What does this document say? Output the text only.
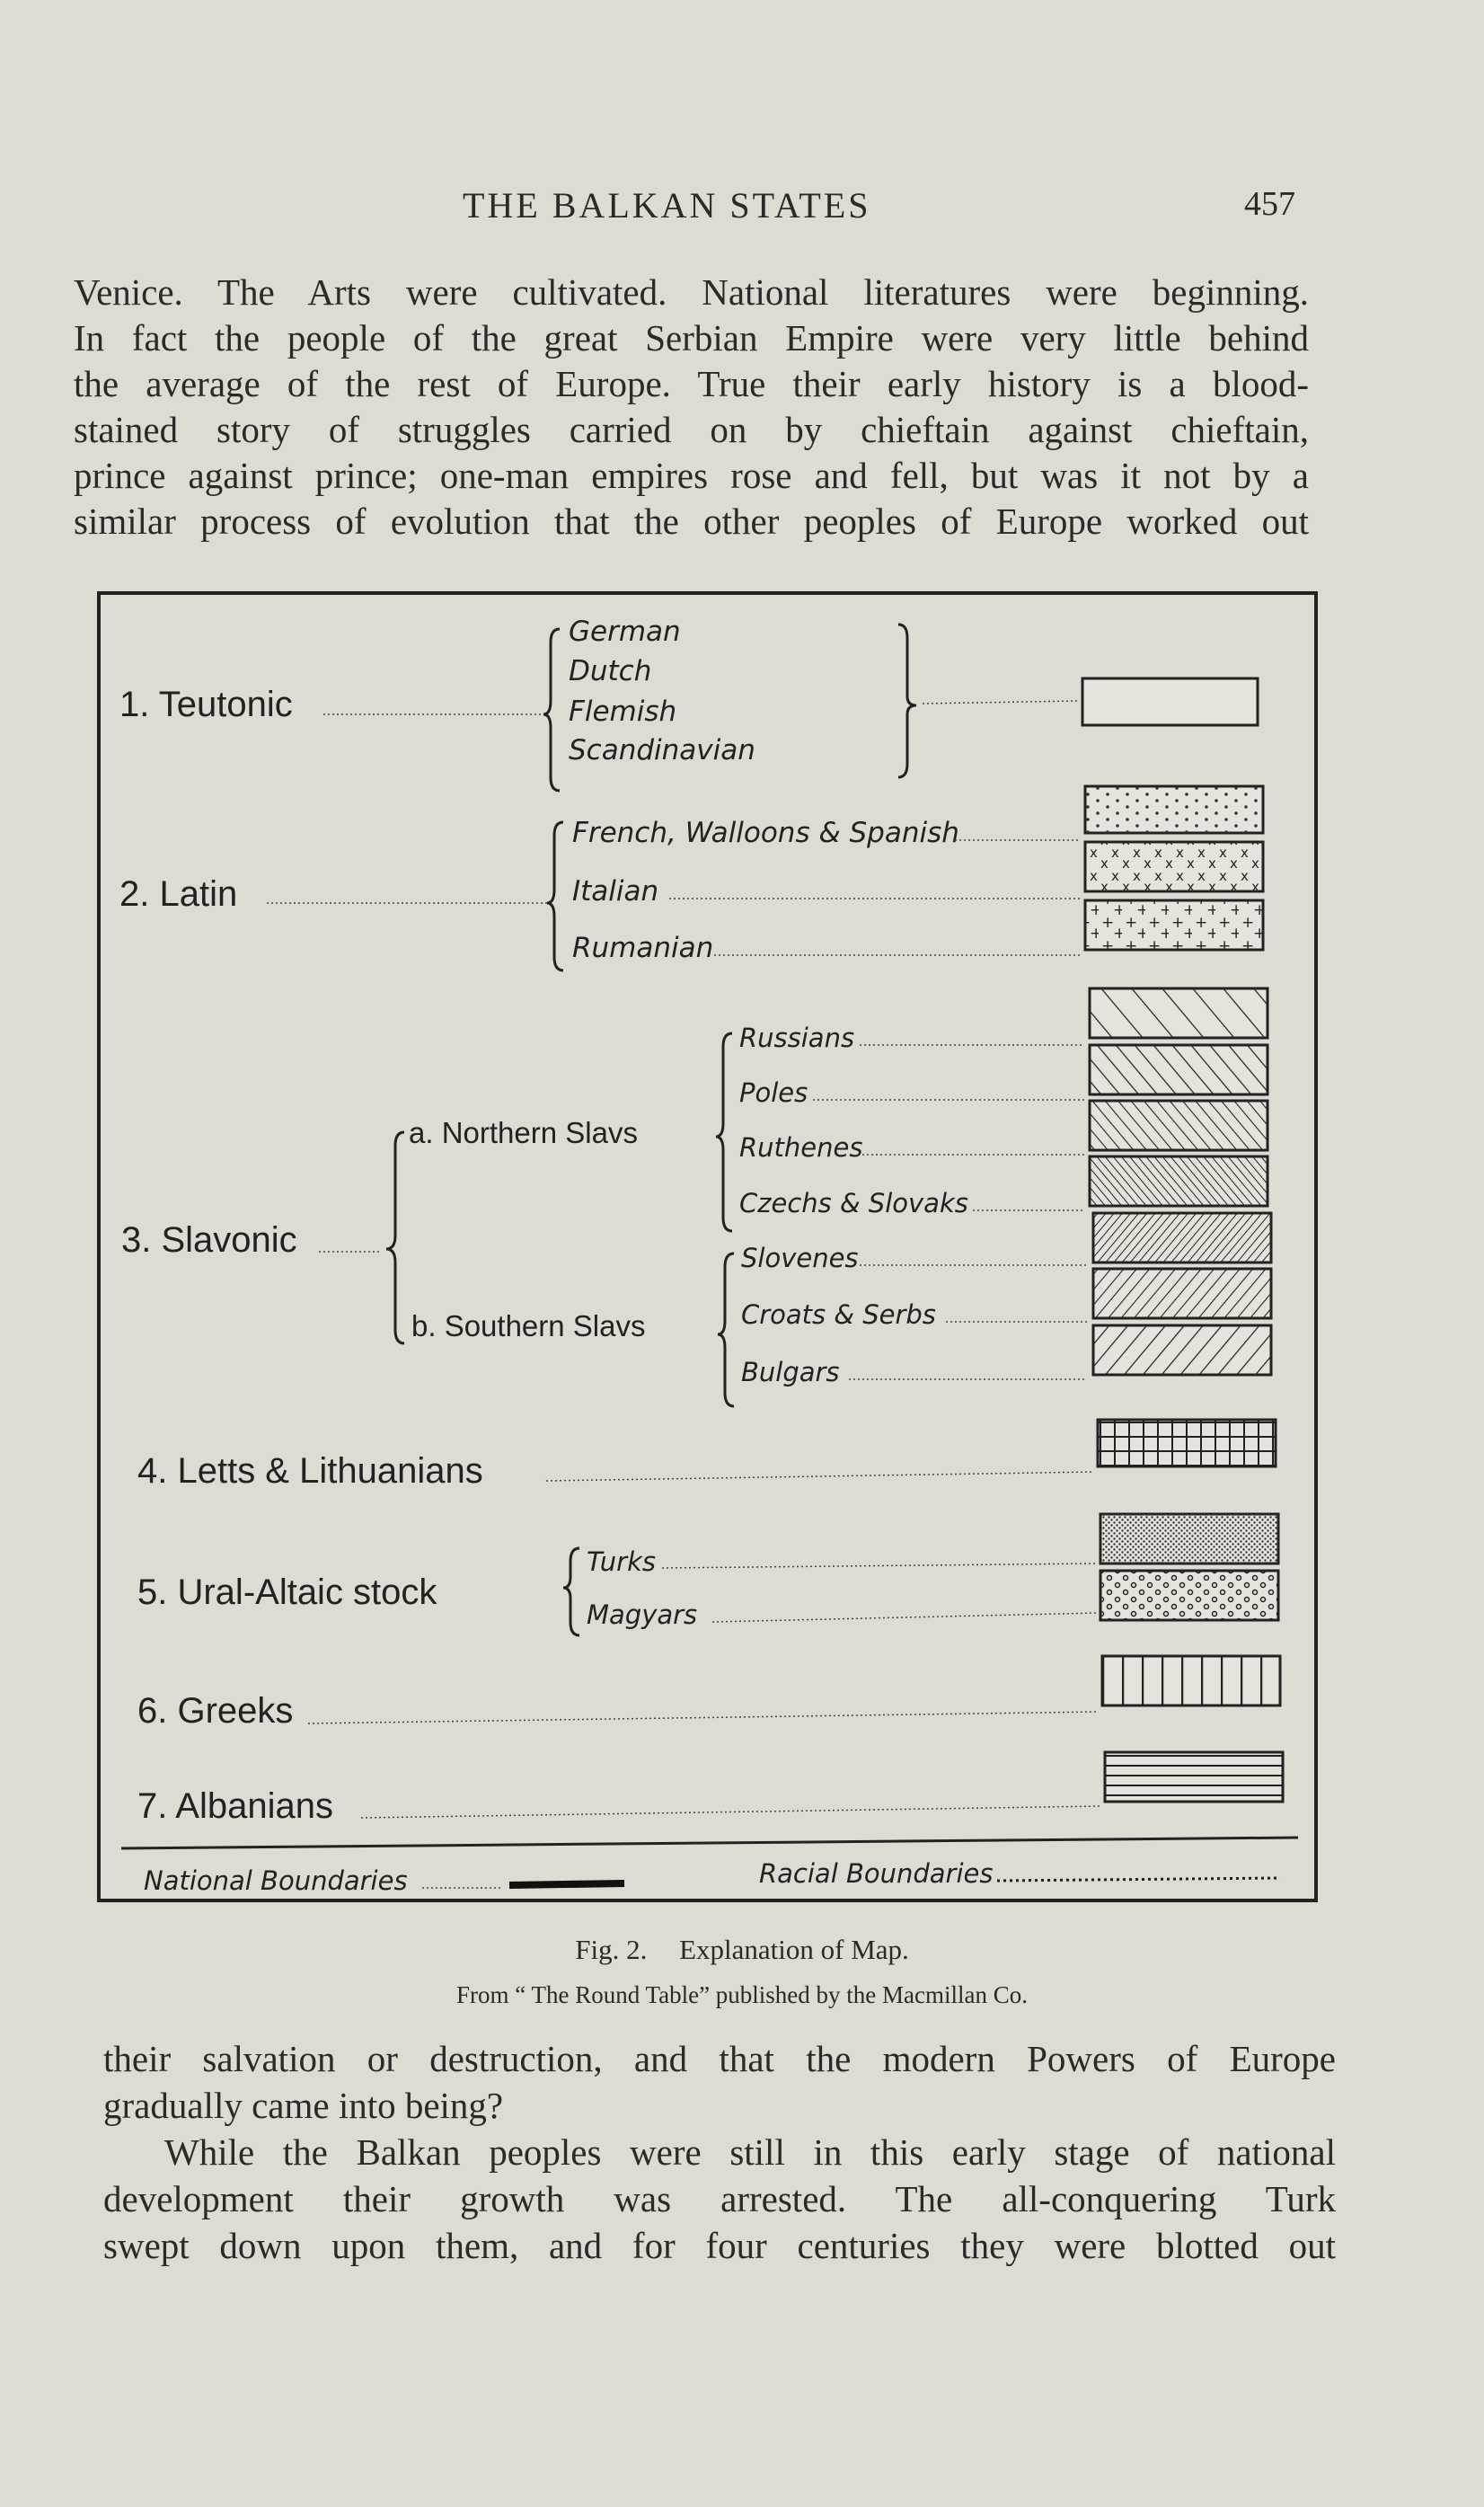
THE BALKAN STATES	457
Venice. The Arts were cultivated. National literatures were beginning.
In fact the people of the great Serbian Empire were very little behind
the average of the rest of Europe. True their early history is a blood-
stained story of struggles carried on by chieftain against chieftain,
prince against prince; one-man empires rose and fell, but was it not by a
similar process of evolution that the other peoples of Europe worked out
1. Teutonic
German
Dutch
Flemish
Scandinavian
2. Latin
French, Walloons & Spanish
Italian
Rumanian
3. Slavonic
a. Northern Slavs
b. Southern Slavs
Russians
Poles
Ruthenes
Czechs & Slovaks
Slovenes
Croats & Serbs
Bulgars
4. Letts & Lithuanians
5. Ural-Altaic stock
Turks
Magyars
6. Greeks
7. Albanians
National Boundaries	Racial Boundaries
Fig. 2. Explanation of Map.
From “ The Round Table” published by the Macmillan Co.
their salvation or destruction, and that the modern Powers of Europe
gradually came into being?
While the Balkan peoples were still in this early stage of national
development their growth was arrested. The all-conquering Turk
swept down upon them, and for four centuries they were blotted out
